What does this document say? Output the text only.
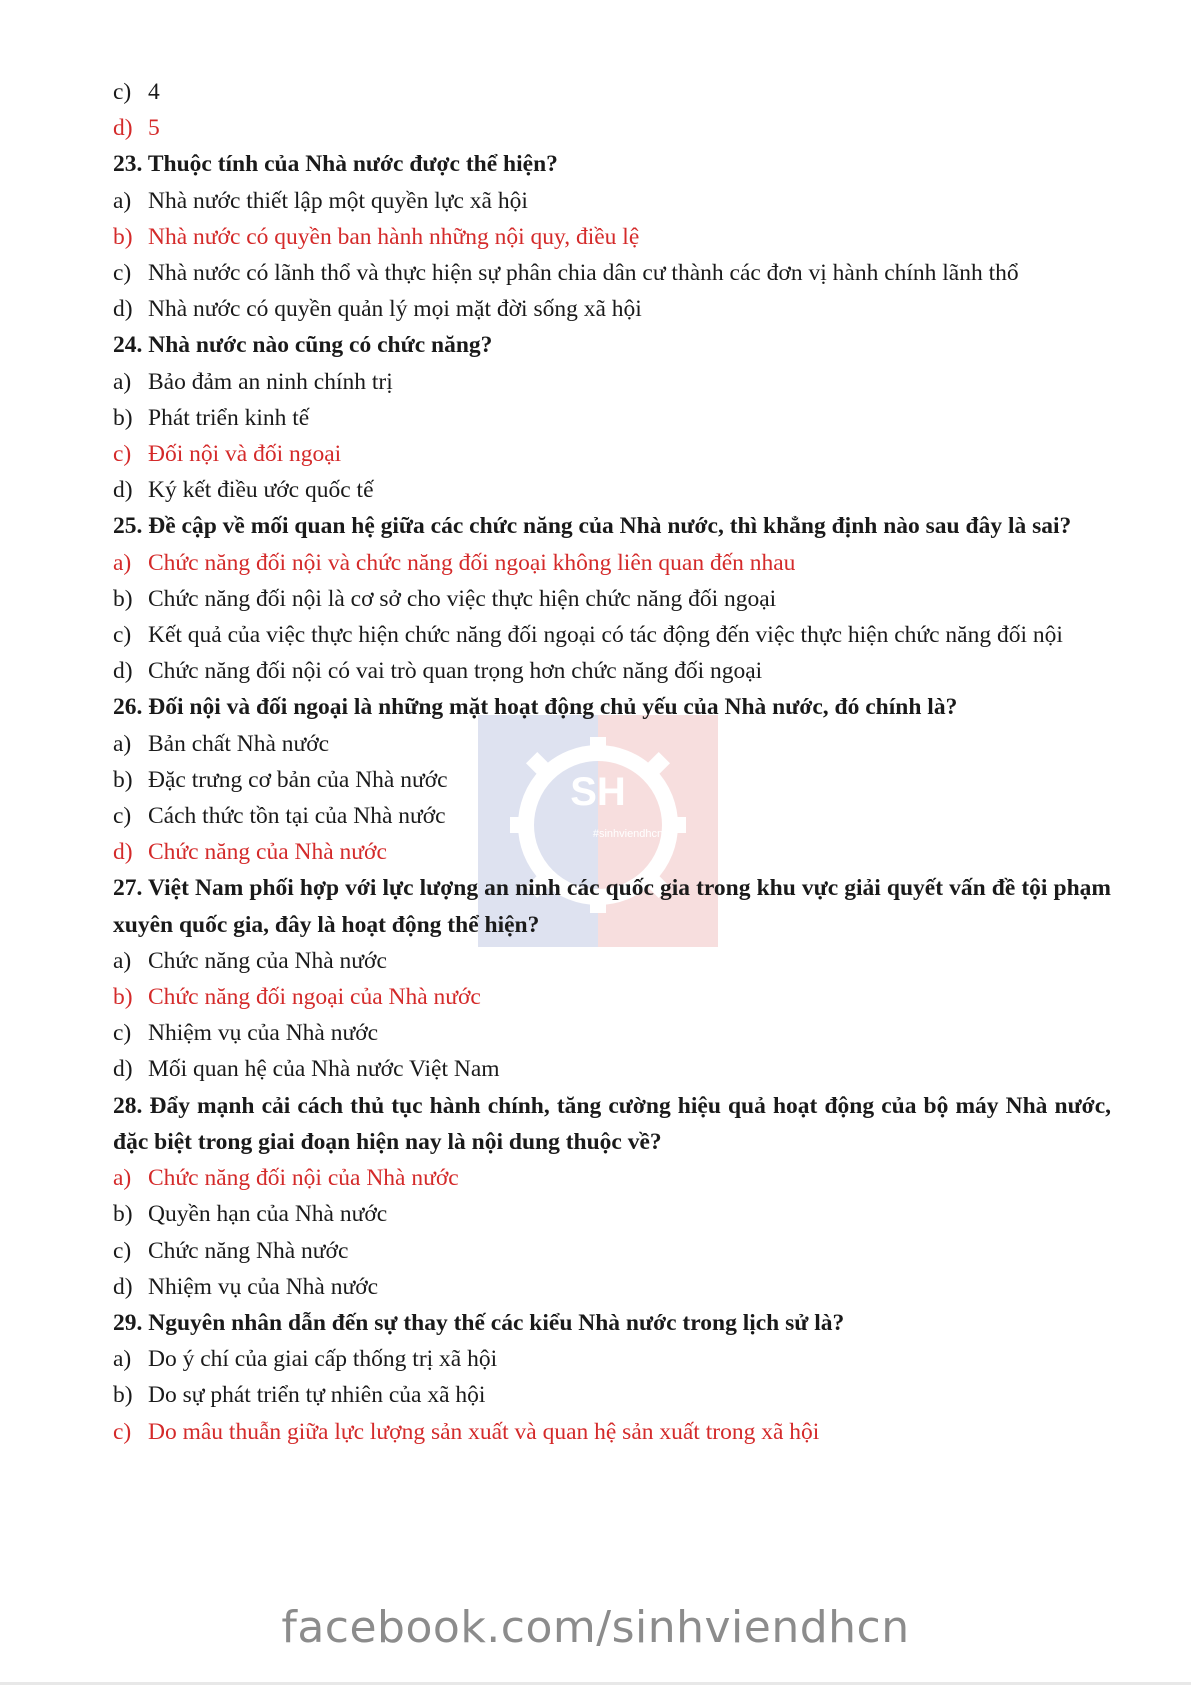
SH
#sinhviendhcn
c) 4
d) 5
23. Thuộc tính của Nhà nước được thể hiện?
a) Nhà nước thiết lập một quyền lực xã hội
b) Nhà nước có quyền ban hành những nội quy, điều lệ
c) Nhà nước có lãnh thổ và thực hiện sự phân chia dân cư thành các đơn vị hành chính lãnh thổ
d) Nhà nước có quyền quản lý mọi mặt đời sống xã hội
24. Nhà nước nào cũng có chức năng?
a) Bảo đảm an ninh chính trị
b) Phát triển kinh tế
c) Đối nội và đối ngoại
d) Ký kết điều ước quốc tế
25. Đề cập về mối quan hệ giữa các chức năng của Nhà nước, thì khẳng định nào sau đây là sai?
a) Chức năng đối nội và chức năng đối ngoại không liên quan đến nhau
b) Chức năng đối nội là cơ sở cho việc thực hiện chức năng đối ngoại
c) Kết quả của việc thực hiện chức năng đối ngoại có tác động đến việc thực hiện chức năng đối nội
d) Chức năng đối nội có vai trò quan trọng hơn chức năng đối ngoại
26. Đối nội và đối ngoại là những mặt hoạt động chủ yếu của Nhà nước, đó chính là?
a) Bản chất Nhà nước
b) Đặc trưng cơ bản của Nhà nước
c) Cách thức tồn tại của Nhà nước
d) Chức năng của Nhà nước
27. Việt Nam phối hợp với lực lượng an ninh các quốc gia trong khu vực giải quyết vấn đề tội phạm xuyên quốc gia, đây là hoạt động thể hiện?
a) Chức năng của Nhà nước
b) Chức năng đối ngoại của Nhà nước
c) Nhiệm vụ của Nhà nước
d) Mối quan hệ của Nhà nước Việt Nam
28. Đẩy mạnh cải cách thủ tục hành chính, tăng cường hiệu quả hoạt động của bộ máy Nhà nước, đặc biệt trong giai đoạn hiện nay là nội dung thuộc về?
a) Chức năng đối nội của Nhà nước
b) Quyền hạn của Nhà nước
c) Chức năng Nhà nước
d) Nhiệm vụ của Nhà nước
29. Nguyên nhân dẫn đến sự thay thế các kiểu Nhà nước trong lịch sử là?
a) Do ý chí của giai cấp thống trị xã hội
b) Do sự phát triển tự nhiên của xã hội
c) Do mâu thuẫn giữa lực lượng sản xuất và quan hệ sản xuất trong xã hội
facebook.com/sinhviendhcn
